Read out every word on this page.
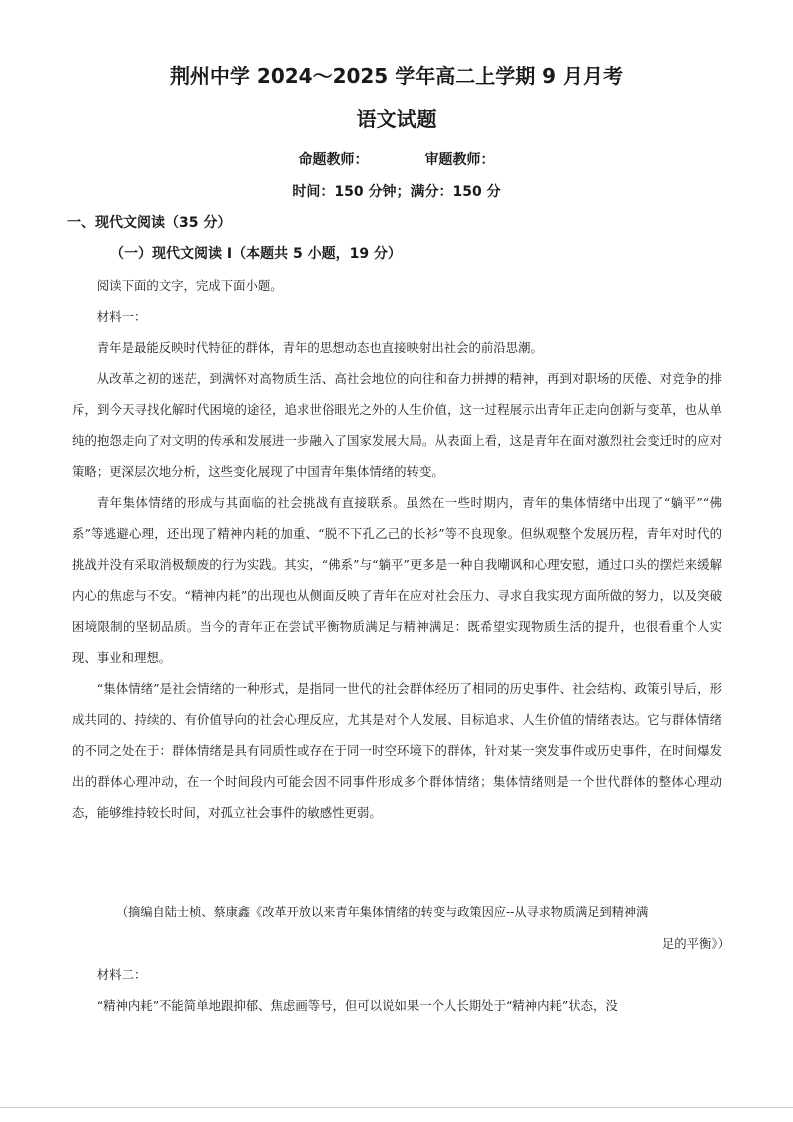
荆州中学 2024～2025 学年高二上学期 9 月月考
语文试题
命题教师：	审题教师：
时间：150 分钟；满分：150 分
一、现代文阅读（35 分）
（一）现代文阅读 I（本题共 5 小题，19 分）

阅读下面的文字，完成下面小题。

材料一：

青年是最能反映时代特征的群体，青年的思想动态也直接映射出社会的前沿思潮。

从改革之初的迷茫，到满怀对高物质生活、高社会地位的向往和奋力拼搏的精神，再到对职场的厌倦、对竞争的排斥，到今天寻找化解时代困境的途径，追求世俗眼光之外的人生价值，这一过程展示出青年正走向创新与变革，也从单纯的抱怨走向了对文明的传承和发展进一步融入了国家发展大局。从表面上看，这是青年在面对激烈社会变迁时的应对策略；更深层次地分析，这些变化展现了中国青年集体情绪的转变。

青年集体情绪的形成与其面临的社会挑战有直接联系。虽然在一些时期内，青年的集体情绪中出现了“躺平”“佛系”等逃避心理，还出现了精神内耗的加重、“脱不下孔乙己的长衫”等不良现象。但纵观整个发展历程，青年对时代的挑战并没有采取消极颓废的行为实践。其实，“佛系”与“躺平”更多是一种自我嘲讽和心理安慰，通过口头的摆烂来缓解内心的焦虑与不安。“精神内耗”的出现也从侧面反映了青年在应对社会压力、寻求自我实现方面所做的努力，以及突破困境限制的坚韧品质。当今的青年正在尝试平衡物质满足与精神满足：既希望实现物质生活的提升，也很看重个人实现、事业和理想。

“集体情绪”是社会情绪的一种形式，是指同一世代的社会群体经历了相同的历史事件、社会结构、政策引导后，形成共同的、持续的、有价值导向的社会心理反应，尤其是对个人发展、目标追求、人生价值的情绪表达。它与群体情绪的不同之处在于：群体情绪是具有同质性或存在于同一时空环境下的群体，针对某一突发事件或历史事件，在时间爆发出的群体心理冲动，在一个时间段内可能会因不同事件形成多个群体情绪；集体情绪则是一个世代群体的整体心理动态，能够维持较长时间，对孤立社会事件的敏感性更弱。

（摘编自陆士桢、蔡康鑫《改革开放以来青年集体情绪的转变与政策因应--从寻求物质满足到精神满

足的平衡》）

材料二：

“精神内耗”不能简单地跟抑郁、焦虑画等号，但可以说如果一个人长期处于“精神内耗”状态，没
